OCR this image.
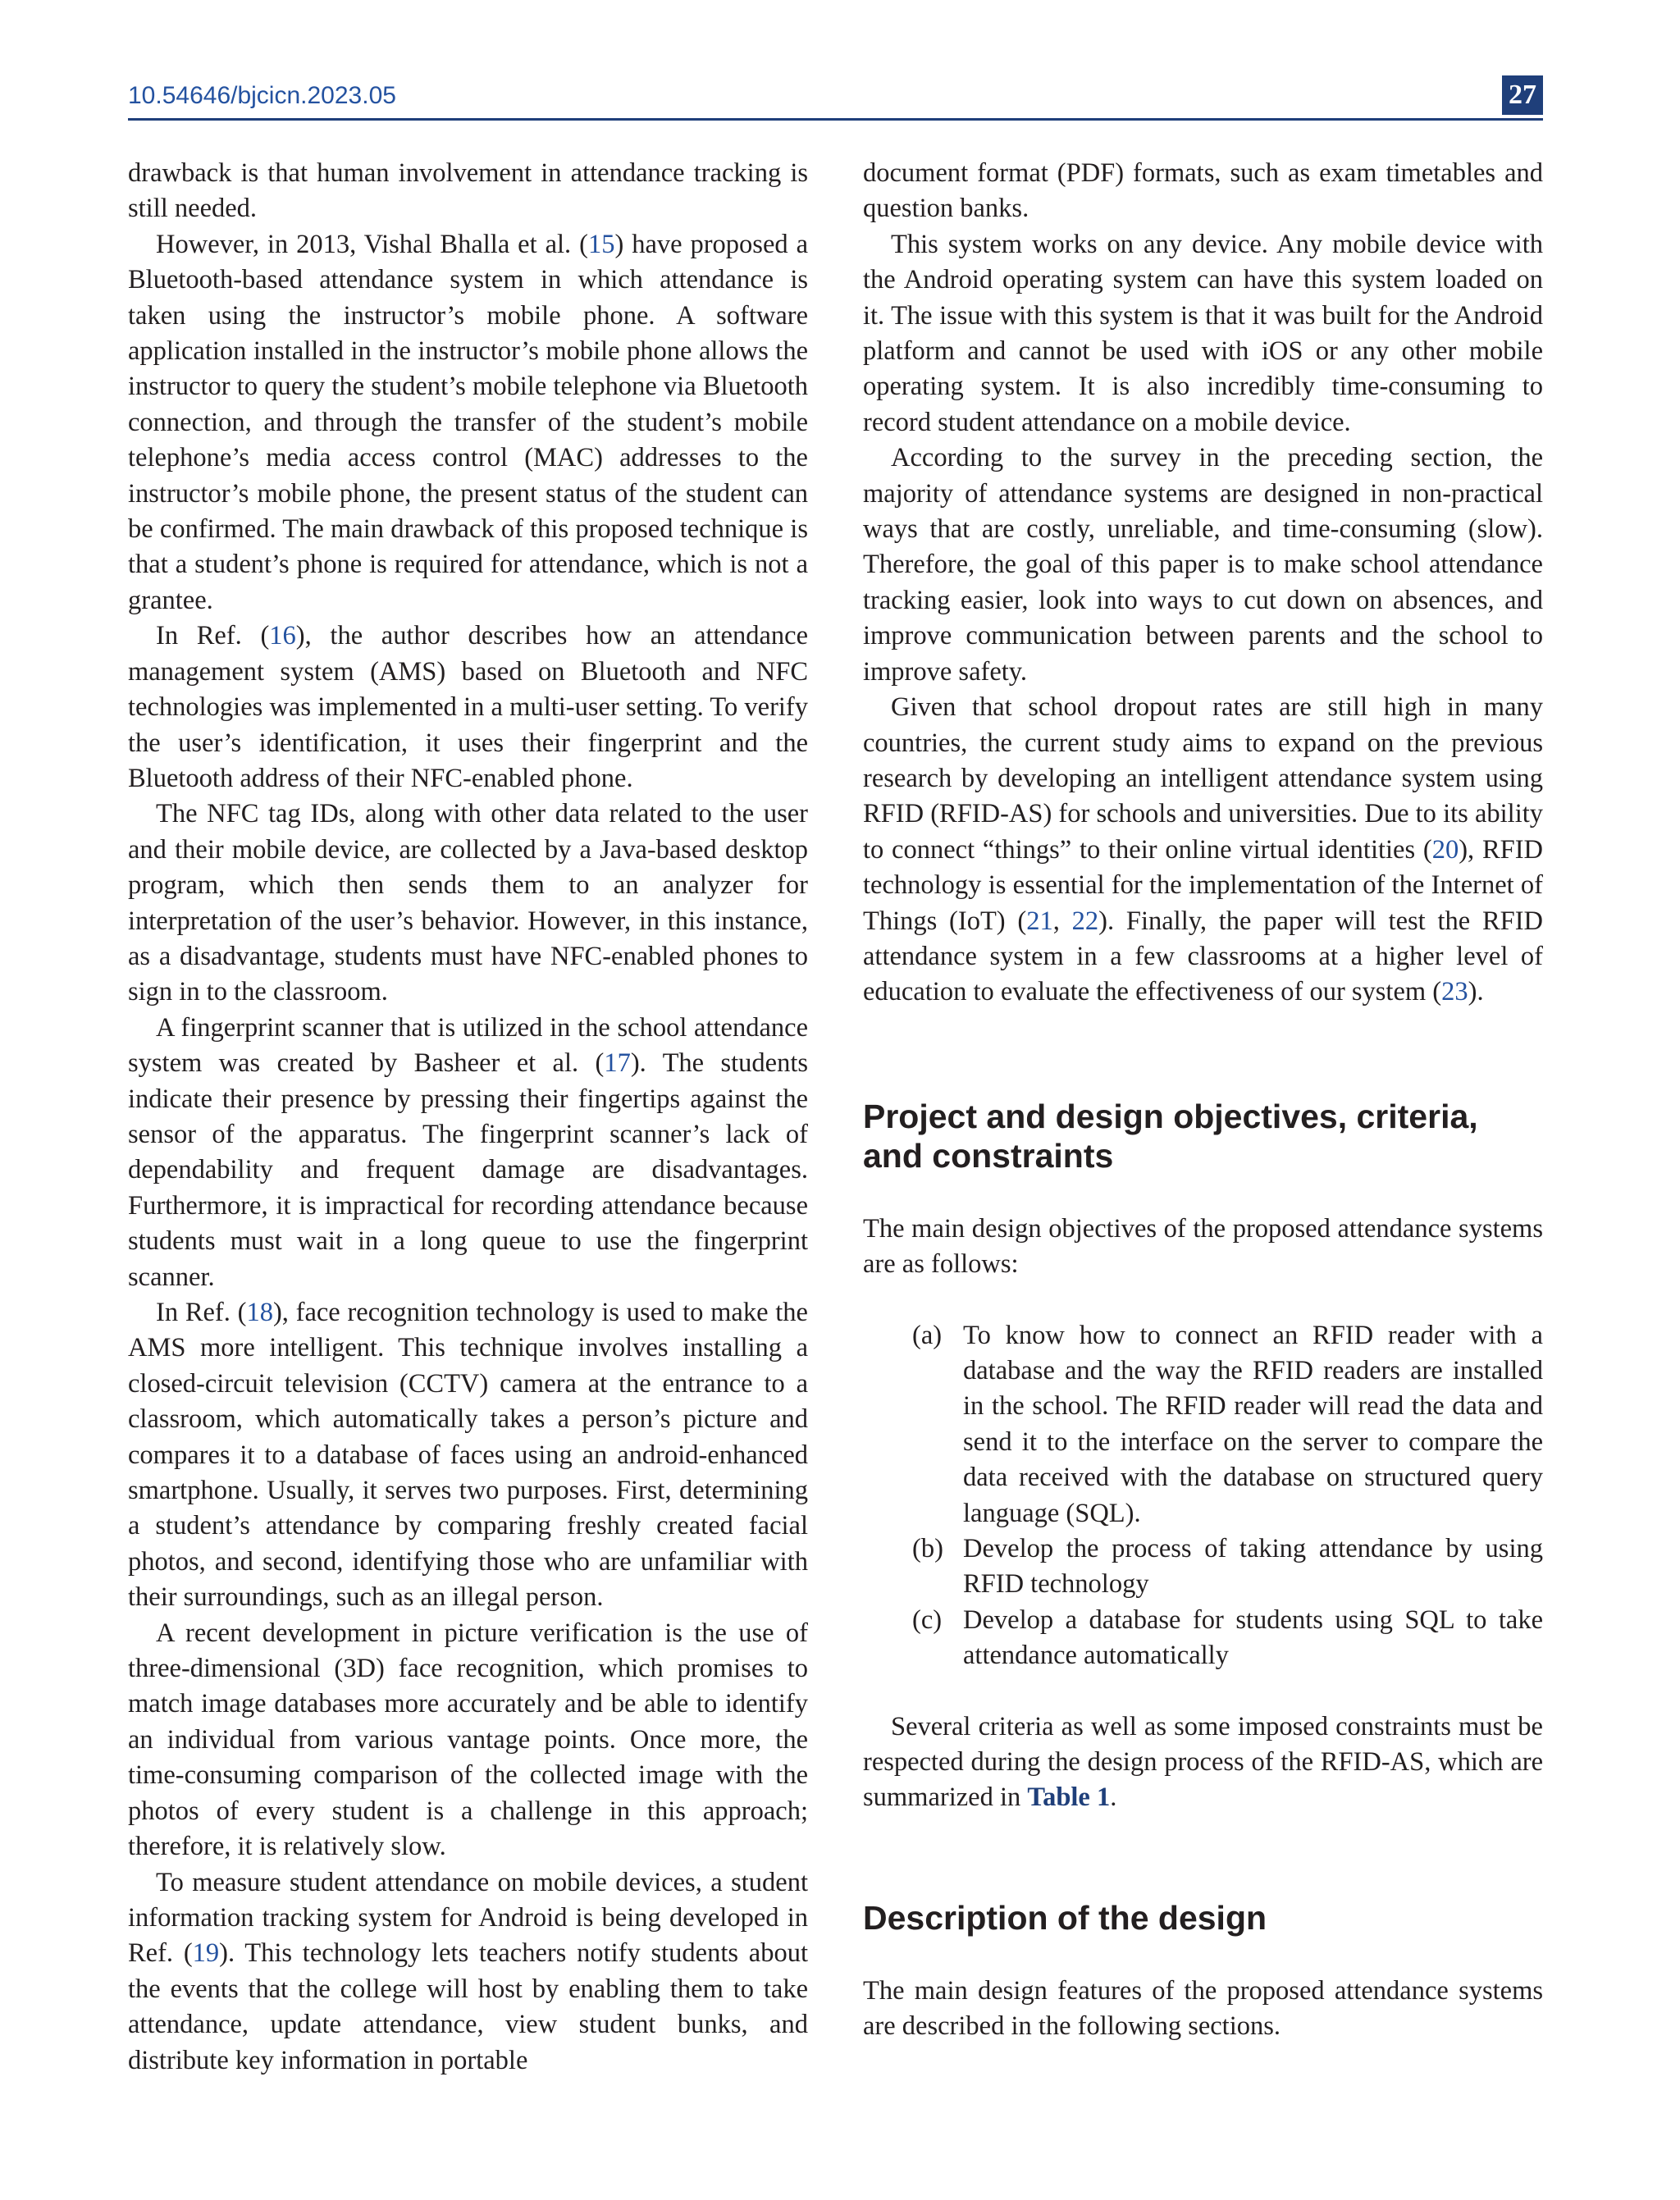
10.54646/bjcicn.2023.05	27

drawback is that human involvement in attendance tracking is still needed.

However, in 2013, Vishal Bhalla et al. (15) have proposed a Bluetooth-based attendance system in which attendance is taken using the instructor’s mobile phone. A software application installed in the instructor’s mobile phone allows the instructor to query the student’s mobile telephone via Bluetooth connection, and through the transfer of the student’s mobile telephone’s media access control (MAC) addresses to the instructor’s mobile phone, the present status of the student can be confirmed. The main drawback of this proposed technique is that a student’s phone is required for attendance, which is not a grantee.

In Ref. (16), the author describes how an attendance management system (AMS) based on Bluetooth and NFC technologies was implemented in a multi-user setting. To verify the user’s identification, it uses their fingerprint and the Bluetooth address of their NFC-enabled phone.

The NFC tag IDs, along with other data related to the user and their mobile device, are collected by a Java-based desktop program, which then sends them to an analyzer for interpretation of the user’s behavior. However, in this instance, as a disadvantage, students must have NFC-enabled phones to sign in to the classroom.

A fingerprint scanner that is utilized in the school attendance system was created by Basheer et al. (17). The students indicate their presence by pressing their fingertips against the sensor of the apparatus. The fingerprint scanner’s lack of dependability and frequent damage are disadvantages. Furthermore, it is impractical for recording attendance because students must wait in a long queue to use the fingerprint scanner.

In Ref. (18), face recognition technology is used to make the AMS more intelligent. This technique involves installing a closed-circuit television (CCTV) camera at the entrance to a classroom, which automatically takes a person’s picture and compares it to a database of faces using an android-enhanced smartphone. Usually, it serves two purposes. First, determining a student’s attendance by comparing freshly created facial photos, and second, identifying those who are unfamiliar with their surroundings, such as an illegal person.

A recent development in picture verification is the use of three-dimensional (3D) face recognition, which promises to match image databases more accurately and be able to identify an individual from various vantage points. Once more, the time-consuming comparison of the collected image with the photos of every student is a challenge in this approach; therefore, it is relatively slow.

To measure student attendance on mobile devices, a student information tracking system for Android is being developed in Ref. (19). This technology lets teachers notify students about the events that the college will host by enabling them to take attendance, update attendance, view student bunks, and distribute key information in portable

document format (PDF) formats, such as exam timetables and question banks.

This system works on any device. Any mobile device with the Android operating system can have this system loaded on it. The issue with this system is that it was built for the Android platform and cannot be used with iOS or any other mobile operating system. It is also incredibly time-consuming to record student attendance on a mobile device.

According to the survey in the preceding section, the majority of attendance systems are designed in non-practical ways that are costly, unreliable, and time-consuming (slow). Therefore, the goal of this paper is to make school attendance tracking easier, look into ways to cut down on absences, and improve communication between parents and the school to improve safety.

Given that school dropout rates are still high in many countries, the current study aims to expand on the previous research by developing an intelligent attendance system using RFID (RFID-AS) for schools and universities. Due to its ability to connect “things” to their online virtual identities (20), RFID technology is essential for the implementation of the Internet of Things (IoT) (21, 22). Finally, the paper will test the RFID attendance system in a few classrooms at a higher level of education to evaluate the effectiveness of our system (23).

Project and design objectives, criteria, and constraints

The main design objectives of the proposed attendance systems are as follows:

(a) To know how to connect an RFID reader with a database and the way the RFID readers are installed in the school. The RFID reader will read the data and send it to the interface on the server to compare the data received with the database on structured query language (SQL).
(b) Develop the process of taking attendance by using RFID technology
(c) Develop a database for students using SQL to take attendance automatically

Several criteria as well as some imposed constraints must be respected during the design process of the RFID-AS, which are summarized in Table 1.

Description of the design

The main design features of the proposed attendance systems are described in the following sections.
